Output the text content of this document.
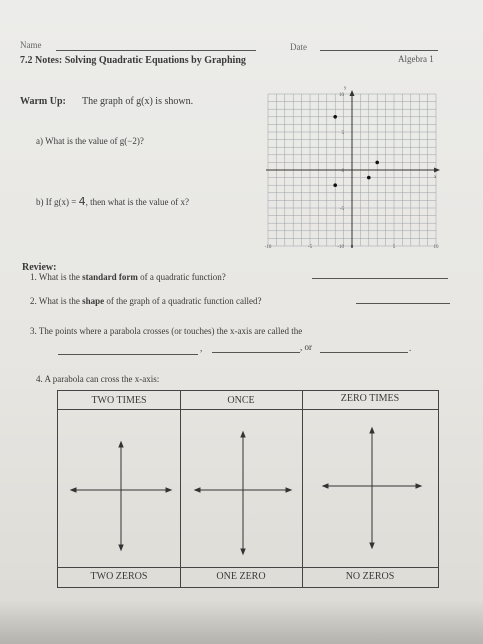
Name	Date
7.2 Notes: Solving Quadratic Equations by Graphing	Algebra 1
Warm Up: The graph of g(x) is shown.
a) What is the value of g(−2)?
b) If g(x) = 4, then what is the value of x?
y
x
10
5
0
-5
-10
-10	-5	0	5	10
Review:
1. What is the standard form of a quadratic function?
2. What is the shape of the graph of a quadratic function called?
3. The points where a parabola crosses (or touches) the x-axis are called the
,	, or	.
4. A parabola can cross the x-axis:
TWO TIMES	ONCE	ZERO TIMES
TWO ZEROS	ONE ZERO	NO ZEROS
